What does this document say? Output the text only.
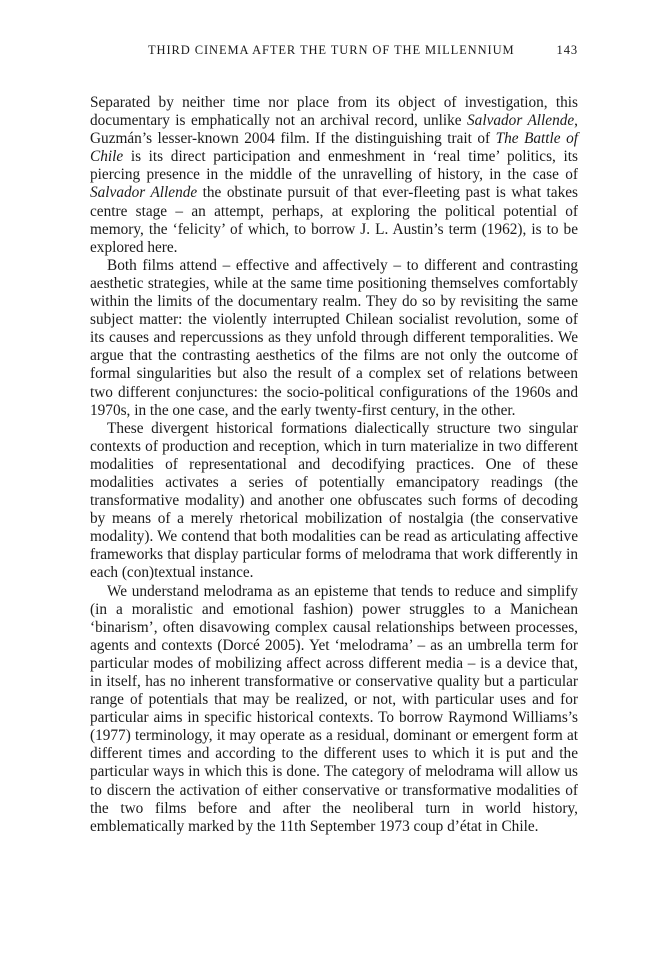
THIRD CINEMA AFTER THE TURN OF THE MILLENNIUM	143

Separated by neither time nor place from its object of investigation, this documentary is emphatically not an archival record, unlike Salvador Allende, Guzmán’s lesser-known 2004 film. If the distinguishing trait of The Battle of Chile is its direct participation and enmeshment in ‘real time’ politics, its piercing presence in the middle of the unravelling of history, in the case of Salvador Allende the obstinate pursuit of that ever-fleeting past is what takes centre stage – an attempt, perhaps, at exploring the political potential of memory, the ‘felicity’ of which, to borrow J. L. Austin’s term (1962), is to be explored here.

Both films attend – effective and affectively – to different and contrasting aesthetic strategies, while at the same time positioning themselves comfortably within the limits of the documentary realm. They do so by revisiting the same subject matter: the violently interrupted Chilean socialist revolution, some of its causes and repercussions as they unfold through different temporalities. We argue that the contrasting aesthetics of the films are not only the outcome of formal singularities but also the result of a complex set of relations between two different conjunctures: the socio-political configurations of the 1960s and 1970s, in the one case, and the early twenty-first century, in the other.

These divergent historical formations dialectically structure two singular contexts of production and reception, which in turn materialize in two different modalities of representational and decodifying practices. One of these modalities activates a series of potentially emancipatory readings (the transformative modality) and another one obfuscates such forms of decoding by means of a merely rhetorical mobilization of nostalgia (the conservative modality). We contend that both modalities can be read as articulating affective frameworks that display particular forms of melodrama that work differently in each (con)textual instance.

We understand melodrama as an episteme that tends to reduce and simplify (in a moralistic and emotional fashion) power struggles to a Manichean ‘binarism’, often disavowing complex causal relationships between processes, agents and contexts (Dorcé 2005). Yet ‘melodrama’ – as an umbrella term for particular modes of mobilizing affect across different media – is a device that, in itself, has no inherent transformative or conservative quality but a particular range of potentials that may be realized, or not, with particular uses and for particular aims in specific historical contexts. To borrow Raymond Williams’s (1977) terminology, it may operate as a residual, dominant or emergent form at different times and according to the different uses to which it is put and the particular ways in which this is done. The category of melodrama will allow us to discern the activation of either conservative or transformative modalities of the two films before and after the neoliberal turn in world history, emblematically marked by the 11th September 1973 coup d’état in Chile.
